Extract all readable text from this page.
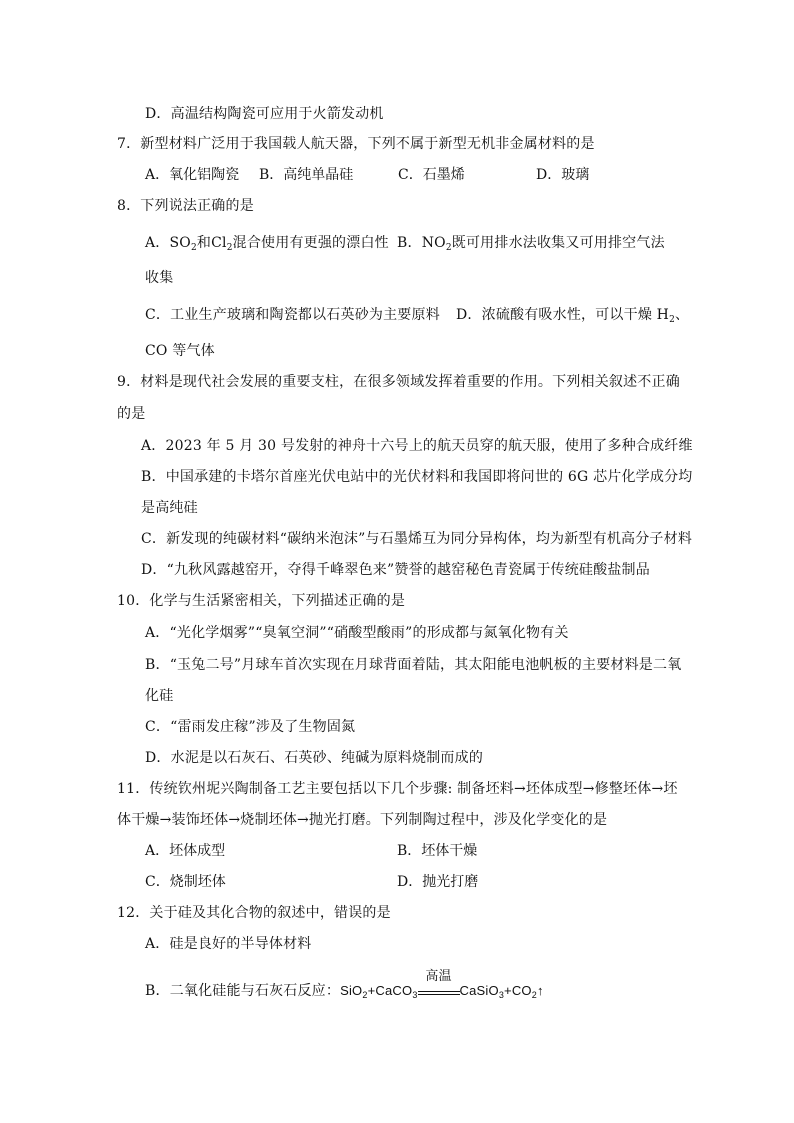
D．高温结构陶瓷可应用于火箭发动机
7．新型材料广泛用于我国载人航天器，下列不属于新型无机非金属材料的是
A．氧化铝陶瓷 B．高纯单晶硅	C．石墨烯	D．玻璃
8．下列说法正确的是
A．$SO_2$和$Cl_2$混合使用有更强的漂白性 B．$NO_2$既可用排水法收集又可用排空气法
收集
C．工业生产玻璃和陶瓷都以石英砂为主要原料 D．浓硫酸有吸水性，可以干燥 $H_2$、
CO 等气体
9．材料是现代社会发展的重要支柱，在很多领域发挥着重要的作用。下列相关叙述不正确
的是
A．2023 年 5 月 30 号发射的神舟十六号上的航天员穿的航天服，使用了多种合成纤维
B．中国承建的卡塔尔首座光伏电站中的光伏材料和我国即将问世的 6G 芯片化学成分均
是高纯硅
C．新发现的纯碳材料“碳纳米泡沫”与石墨烯互为同分异构体，均为新型有机高分子材料
D．“九秋风露越窑开，夺得千峰翠色来”赞誉的越窑秘色青瓷属于传统硅酸盐制品
10．化学与生活紧密相关，下列描述正确的是
A．“光化学烟雾”“臭氧空洞”“硝酸型酸雨”的形成都与氮氧化物有关
B．“玉兔二号”月球车首次实现在月球背面着陆，其太阳能电池帆板的主要材料是二氧
化硅
C．“雷雨发庄稼”涉及了生物固氮
D．水泥是以石灰石、石英砂、纯碱为原料烧制而成的
11．传统钦州坭兴陶制备工艺主要包括以下几个步骤: 制备坯料→坯体成型→修整坯体→坯
体干燥→装饰坯体→烧制坯体→抛光打磨。下列制陶过程中，涉及化学变化的是
A．坯体成型	B．坯体干燥
C．烧制坯体	D．抛光打磨
12．关于硅及其化合物的叙述中，错误的是
A．硅是良好的半导体材料
B．二氧化硅能与石灰石反应：SiO$_2$+CaCO$_3$
高温
$CaSiO_3+CO_2↑$
